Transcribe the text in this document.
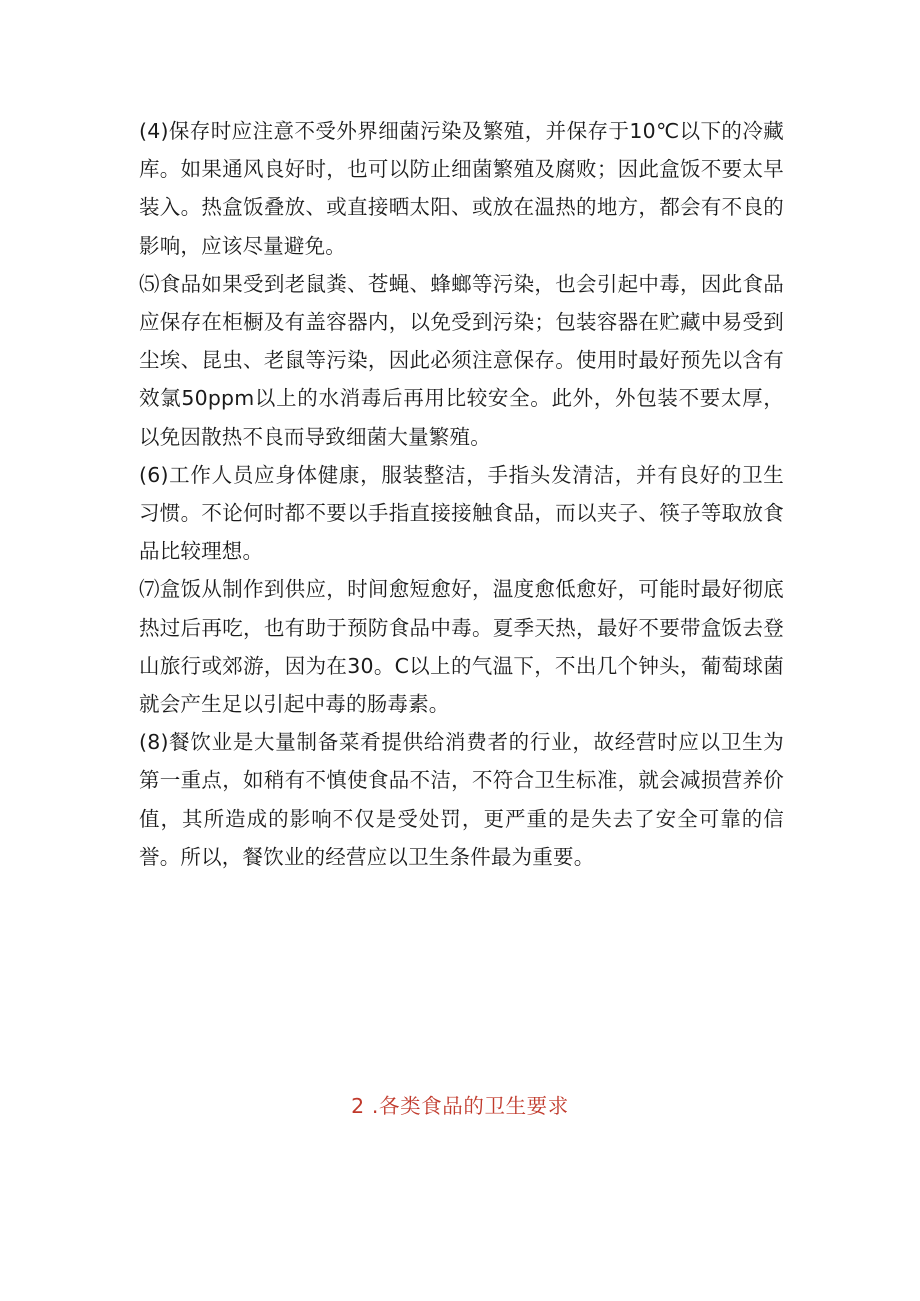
(4)保存时应注意不受外界细菌污染及繁殖，并保存于10℃以下的冷藏库。如果通风良好时，也可以防止细菌繁殖及腐败；因此盒饭不要太早装入。热盒饭叠放、或直接晒太阳、或放在温热的地方，都会有不良的影响，应该尽量避免。

⑸食品如果受到老鼠粪、苍蝇、蜂螂等污染，也会引起中毒，因此食品应保存在柜橱及有盖容器内，以免受到污染；包装容器在贮藏中易受到尘埃、昆虫、老鼠等污染，因此必须注意保存。使用时最好预先以含有效氯50ppm以上的水消毒后再用比较安全。此外，外包装不要太厚，以免因散热不良而导致细菌大量繁殖。

(6)工作人员应身体健康，服装整洁，手指头发清洁，并有良好的卫生习惯。不论何时都不要以手指直接接触食品，而以夹子、筷子等取放食品比较理想。

⑺盒饭从制作到供应，时间愈短愈好，温度愈低愈好，可能时最好彻底热过后再吃，也有助于预防食品中毒。夏季天热，最好不要带盒饭去登山旅行或郊游，因为在30。C以上的气温下，不出几个钟头，葡萄球菌就会产生足以引起中毒的肠毒素。

(8)餐饮业是大量制备菜肴提供给消费者的行业，故经营时应以卫生为第一重点，如稍有不慎使食品不洁，不符合卫生标准，就会减损营养价值，其所造成的影响不仅是受处罚，更严重的是失去了安全可靠的信誉。所以，餐饮业的经营应以卫生条件最为重要。

2 .各类食品的卫生要求
